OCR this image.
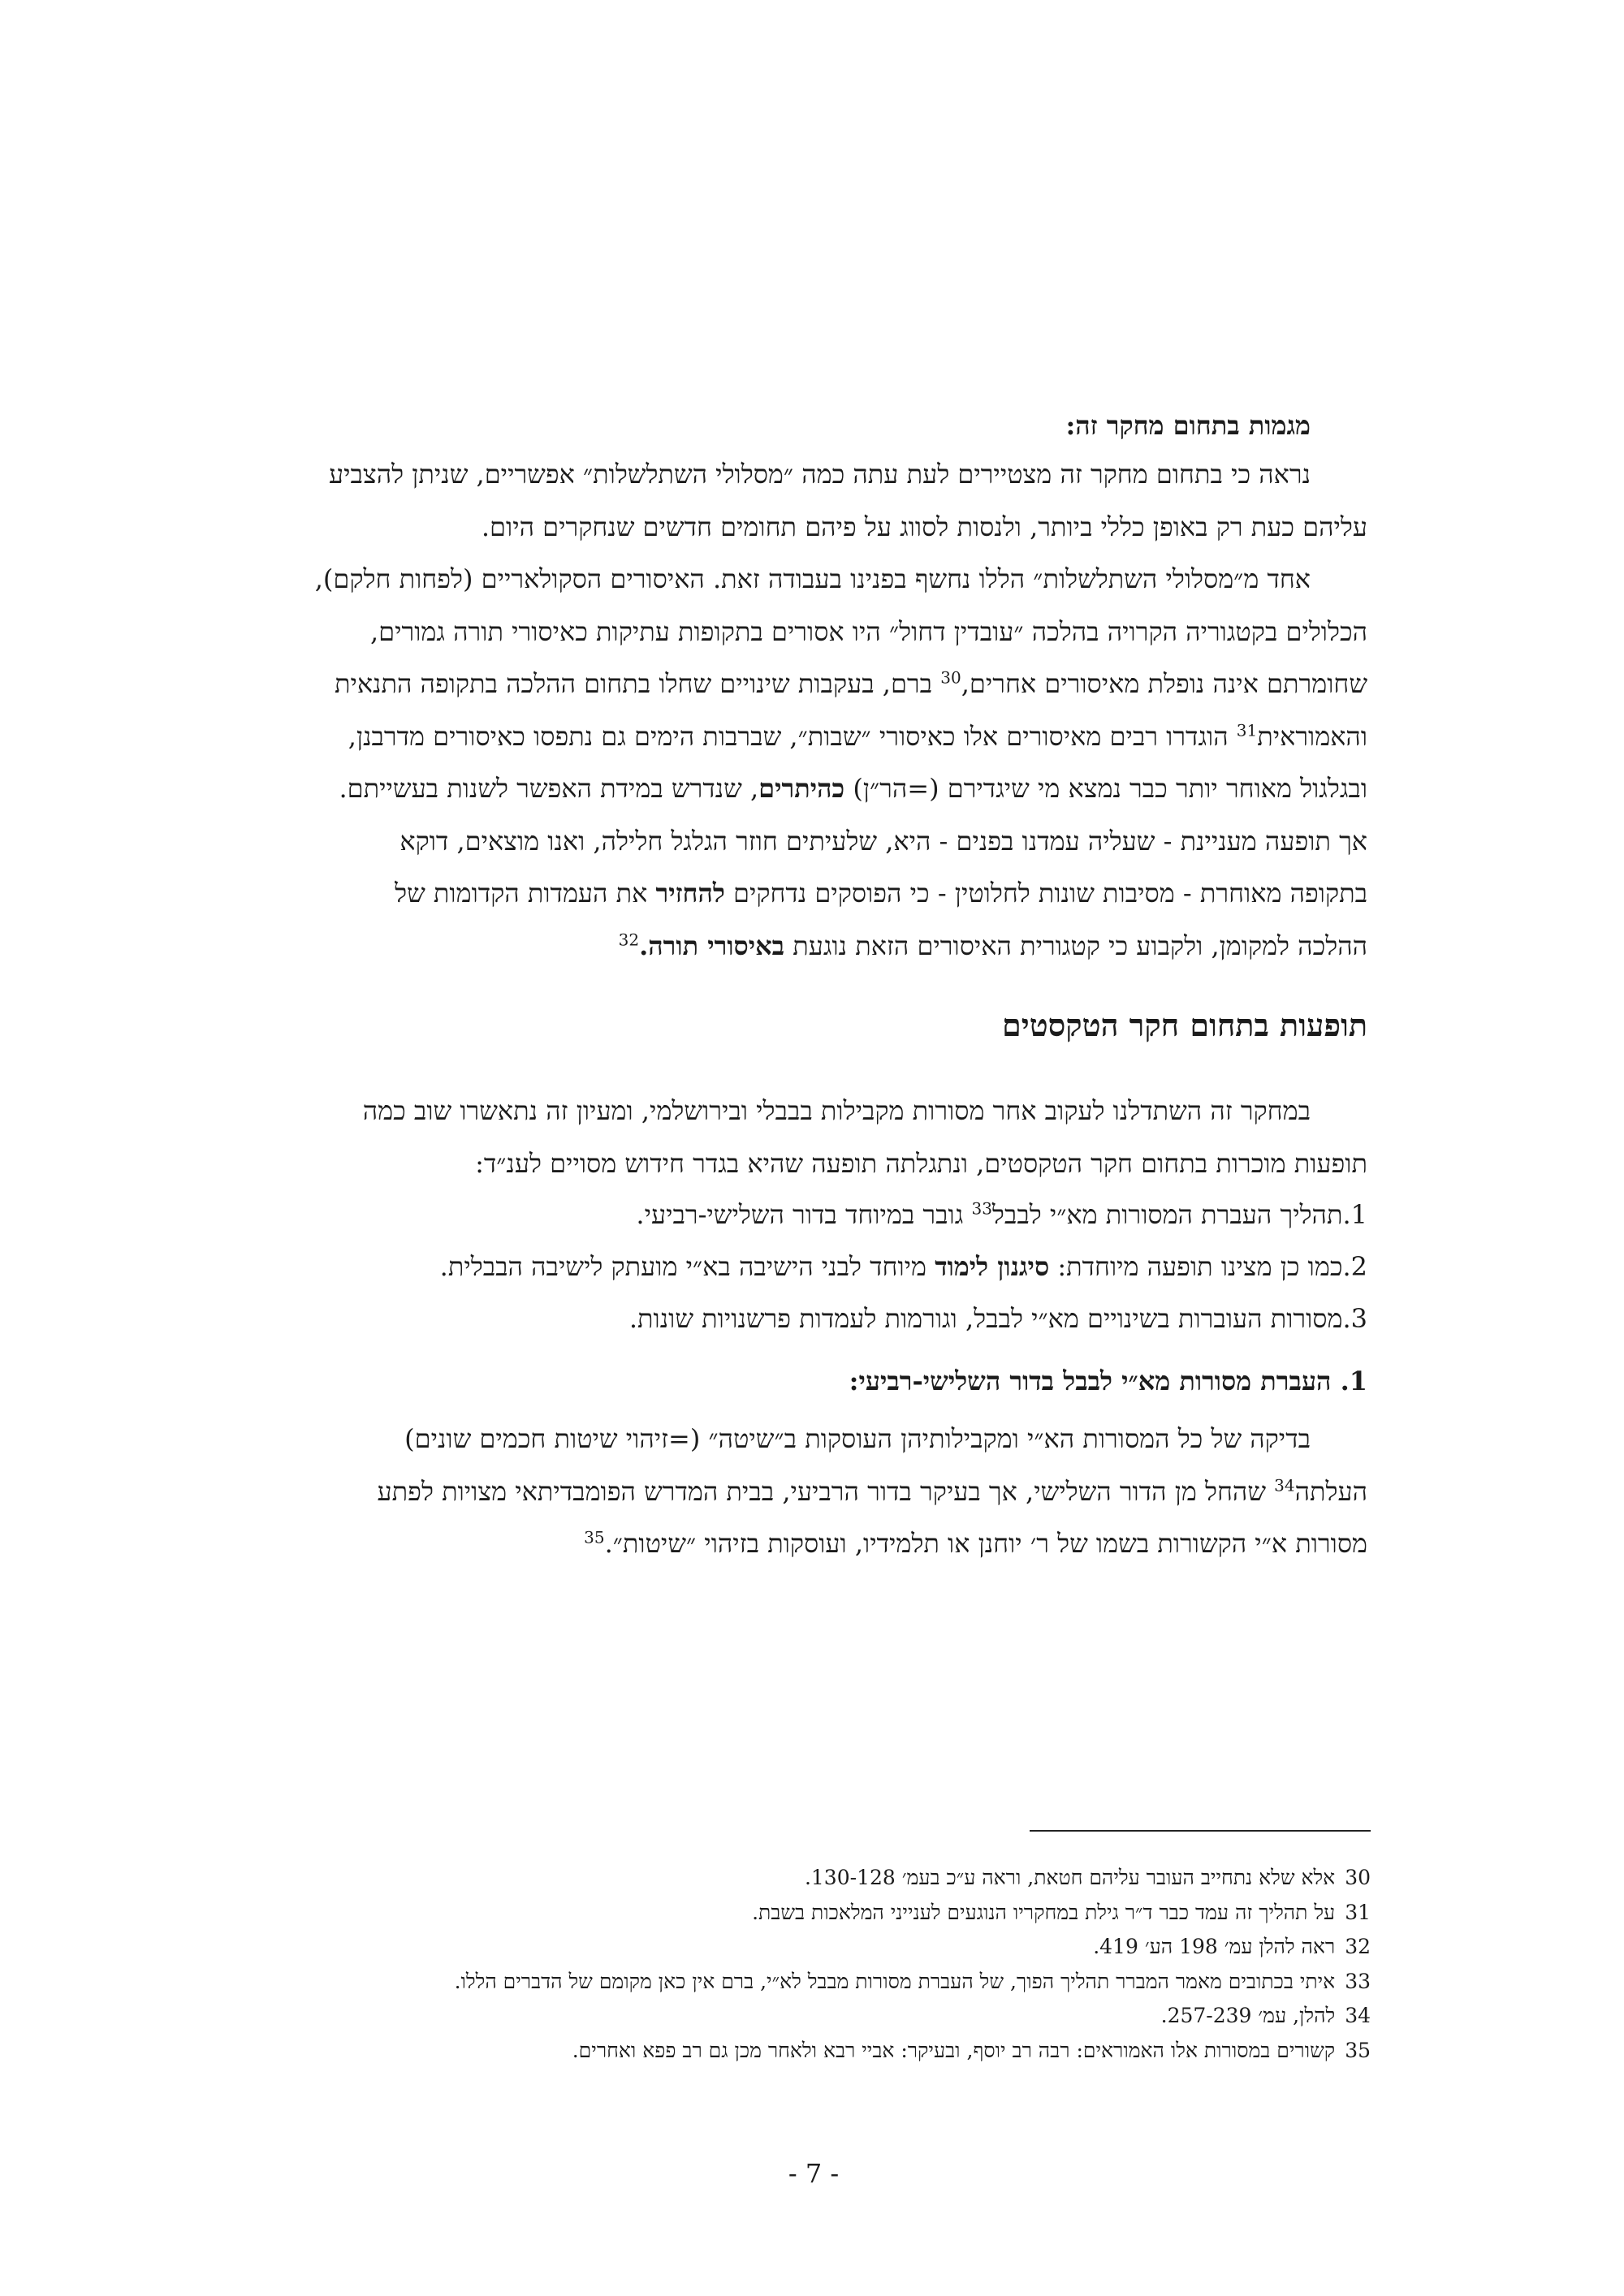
מגמות בתחום מחקר זה:

נראה כי בתחום מחקר זה מצטיירים לעת עתה כמה ״מסלולי השתלשלות״ אפשריים, שניתן להצביע

עליהם כעת רק באופן כללי ביותר, ולנסות לסווג על פיהם תחומים חדשים שנחקרים היום.

אחד מ״מסלולי השתלשלות״ הללו נחשף בפנינו בעבודה זאת. האיסורים הסקולאריים (לפחות חלקם),

הכלולים בקטגוריה הקרויה בהלכה ״עובדין דחול״ היו אסורים בתקופות עתיקות כאיסורי תורה גמורים,

שחומרתם אינה נופלת מאיסורים אחרים,$^{30}$ ברם, בעקבות שינויים שחלו בתחום ההלכה בתקופה התנאית

והאמוראית$^{31}$ הוגדרו רבים מאיסורים אלו כאיסורי ״שבות״, שברבות הימים גם נתפסו כאיסורים מדרבנן,

ובגלגול מאוחר יותר כבר נמצא מי שיגדירם (=הר״ן) כהיתרים, שנדרש במידת האפשר לשנות בעשייתם.

אך תופעה מעניינת - שעליה עמדנו בפנים - היא, שלעיתים חוזר הגלגל חלילה, ואנו מוצאים, דוקא

בתקופה מאוחרת - מסיבות שונות לחלוטין - כי הפוסקים נדחקים להחזיר את העמדות הקדומות של

ההלכה למקומן, ולקבוע כי קטגורית האיסורים הזאת נוגעת באיסורי תורה.$^{32}$

תופעות בתחום חקר הטקסטים

במחקר זה השתדלנו לעקוב אחר מסורות מקבילות בבבלי ובירושלמי, ומעיון זה נתאשרו שוב כמה

תופעות מוכרות בתחום חקר הטקסטים, ונתגלתה תופעה שהיא בגדר חידוש מסויים לענ״ד:

1.תהליך העברת המסורות מא״י לבבל$^{33}$ גובר במיוחד בדור השלישי-רביעי.
2.כמו כן מצינו תופעה מיוחדת: סיגנון לימוד מיוחד לבני הישיבה בא״י מועתק לישיבה הבבלית.
3.מסורות העוברות בשינויים מא״י לבבל, וגורמות לעמדות פרשנויות שונות.
1. העברת מסורות מא״י לבבל בדור השלישי-רביעי:

בדיקה של כל המסורות הא״י ומקבילותיהן העוסקות ב״שיטה״ (=זיהוי שיטות חכמים שונים)

העלתה$^{34}$ שהחל מן הדור השלישי, אך בעיקר בדור הרביעי, בבית המדרש הפומבדיתאי מצויות לפתע

מסורות א״י הקשורות בשמו של ר׳ יוחנן או תלמידיו, ועוסקות בזיהוי ״שיטות״.$^{35}$

30אלא שלא נתחייב העובר עליהם חטאת, וראה ע״כ בעמ׳ 130-128.
31על תהליך זה עמד כבר ד״ר גילת במחקריו הנוגעים לענייני המלאכות בשבת.
32ראה להלן עמ׳ 198 הע׳ 419.
33איתי בכתובים מאמר המברר תהליך הפוך, של העברת מסורות מבבל לא״י, ברם אין כאן מקומם של הדברים הללו.
34להלן, עמ׳ 257-239.
35קשורים במסורות אלו האמוראים: רבה רב יוסף, ובעיקר: אביי רבא ולאחר מכן גם רב פפא ואחרים.
- 7 -
